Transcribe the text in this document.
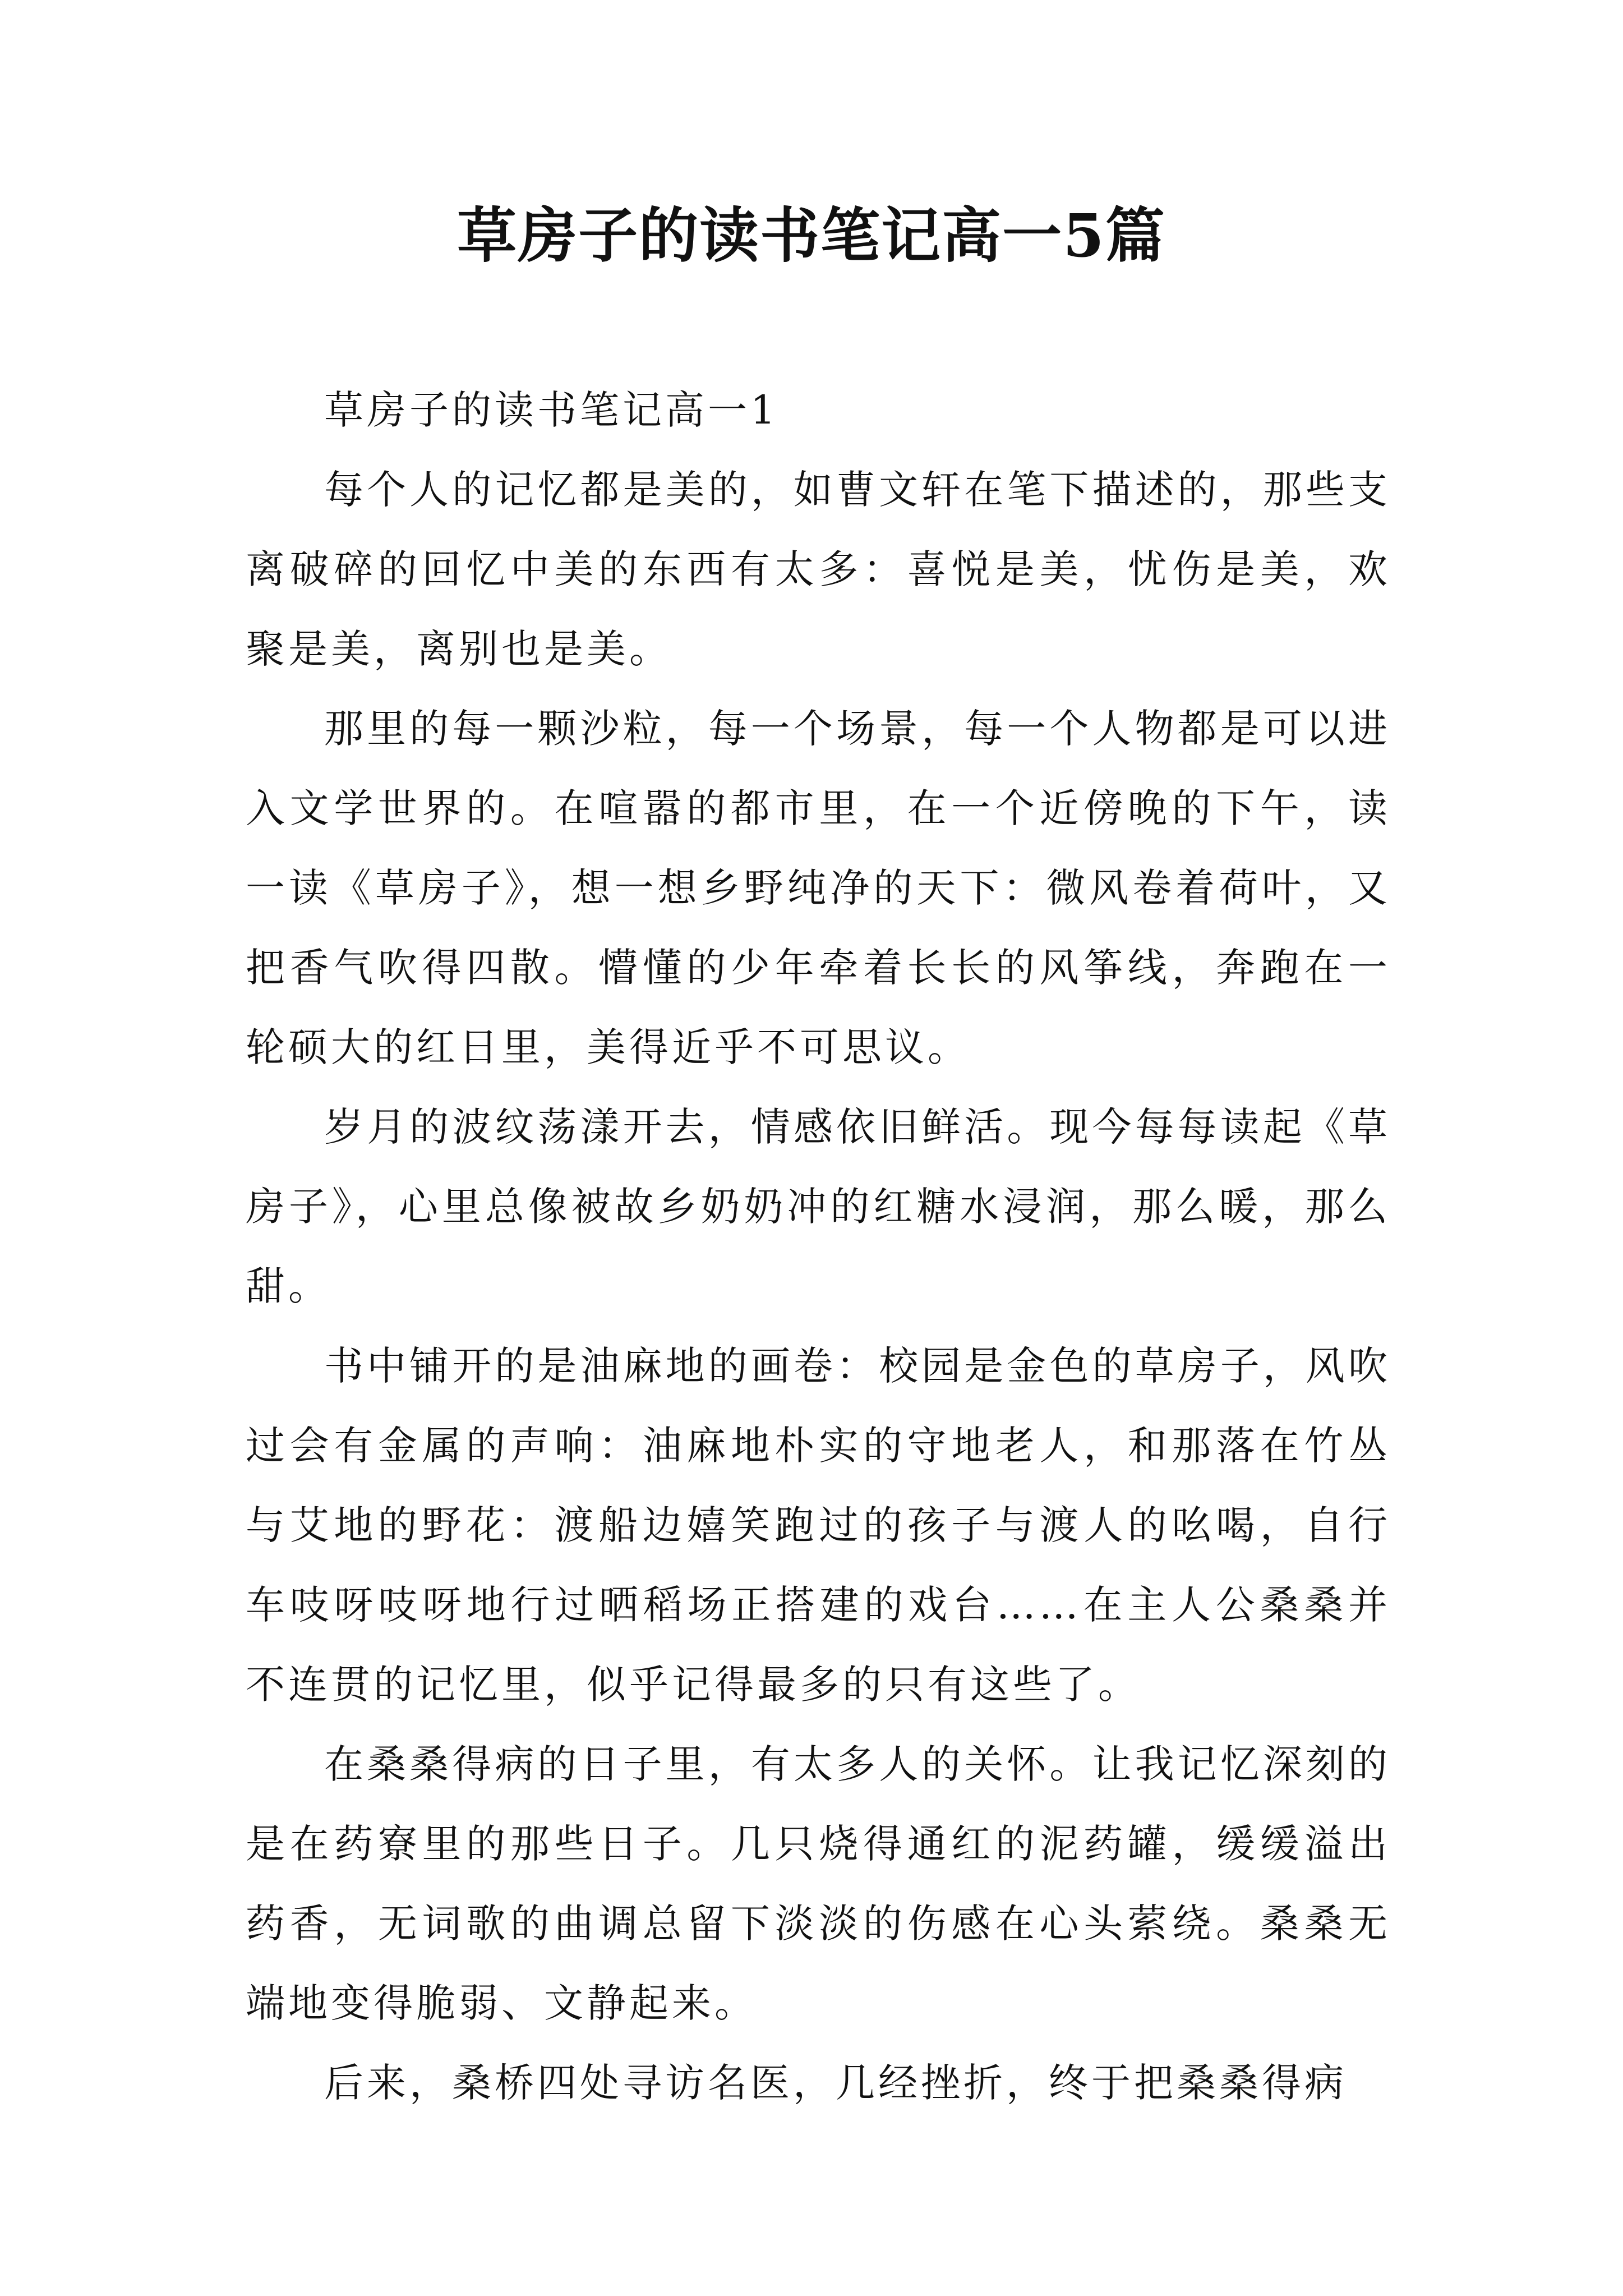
草房子的读书笔记高一5篇

草房子的读书笔记高一1

每个人的记忆都是美的，如曹文轩在笔下描述的，那些支离破碎的回忆中美的东西有太多：喜悦是美，忧伤是美，欢聚是美，离别也是美。

那里的每一颗沙粒，每一个场景，每一个人物都是可以进入文学世界的。在喧嚣的都市里，在一个近傍晚的下午，读一读《草房子》，想一想乡野纯净的天下：微风卷着荷叶，又把香气吹得四散。懵懂的少年牵着长长的风筝线，奔跑在一轮硕大的红日里，美得近乎不可思议。

岁月的波纹荡漾开去，情感依旧鲜活。现今每每读起《草房子》，心里总像被故乡奶奶冲的红糖水浸润，那么暖，那么甜。

书中铺开的是油麻地的画卷：校园是金色的草房子，风吹过会有金属的声响：油麻地朴实的守地老人，和那落在竹丛与艾地的野花：渡船边嬉笑跑过的孩子与渡人的吆喝，自行车吱呀吱呀地行过晒稻场正搭建的戏台……在主人公桑桑并不连贯的记忆里，似乎记得最多的只有这些了。

在桑桑得病的日子里，有太多人的关怀。让我记忆深刻的是在药寮里的那些日子。几只烧得通红的泥药罐，缓缓溢出药香，无词歌的曲调总留下淡淡的伤感在心头萦绕。桑桑无端地变得脆弱、文静起来。

后来，桑桥四处寻访名医，几经挫折，终于把桑桑得病
